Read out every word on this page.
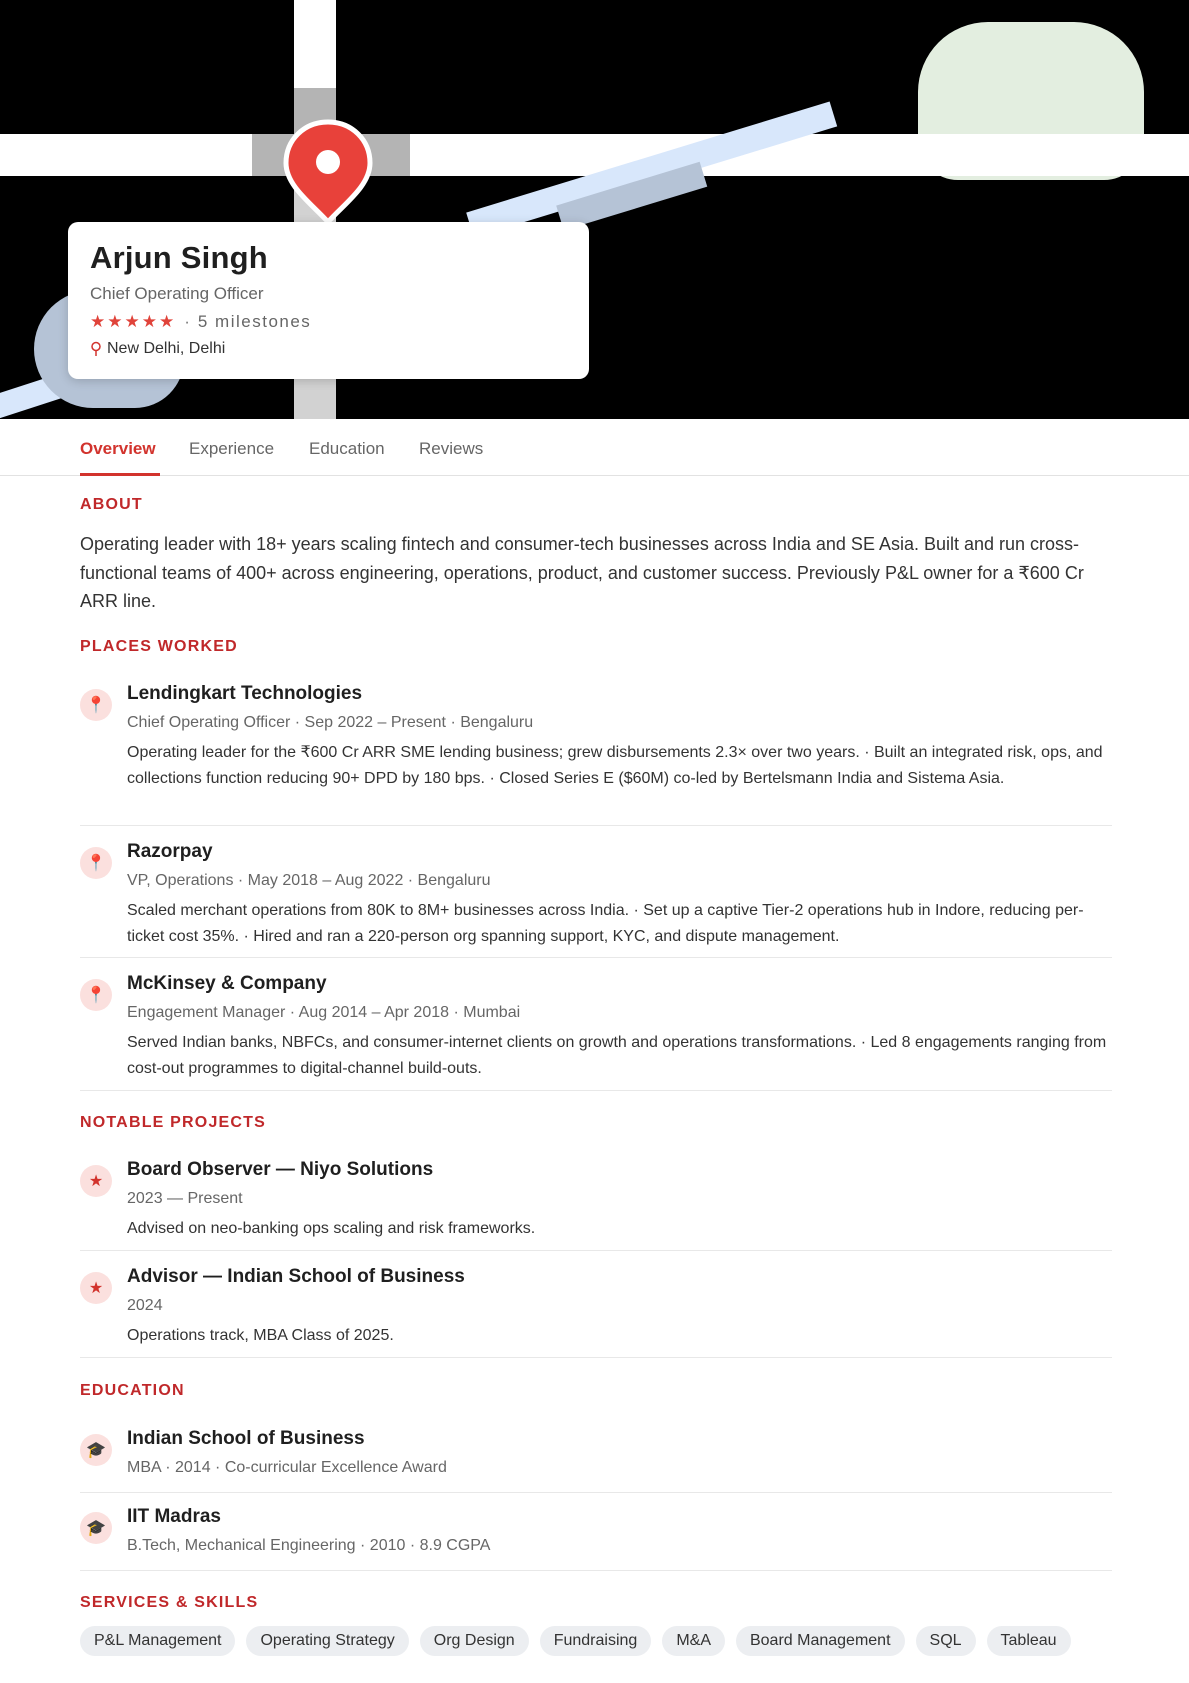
Arjun Singh
Chief Operating Officer
★★★★★ · 5 milestones
New Delhi, Delhi
Overview Experience Education Reviews
ABOUT
Operating leader with 18+ years scaling fintech and consumer-tech businesses across India and SE Asia. Built and run cross-functional teams of 400+ across engineering, operations, product, and customer success. Previously P&L owner for a ₹600 Cr ARR line.
PLACES WORKED
📍
Lendingkart Technologies
Chief Operating Officer · Sep 2022 – Present · Bengaluru
Operating leader for the ₹600 Cr ARR SME lending business; grew disbursements 2.3× over two years. · Built an integrated risk, ops, and collections function reducing 90+ DPD by 180 bps. · Closed Series E ($60M) co-led by Bertelsmann India and Sistema Asia.
📍
Razorpay
VP, Operations · May 2018 – Aug 2022 · Bengaluru
Scaled merchant operations from 80K to 8M+ businesses across India. · Set up a captive Tier-2 operations hub in Indore, reducing per-ticket cost 35%. · Hired and ran a 220-person org spanning support, KYC, and dispute management.
📍
McKinsey & Company
Engagement Manager · Aug 2014 – Apr 2018 · Mumbai
Served Indian banks, NBFCs, and consumer-internet clients on growth and operations transformations. · Led 8 engagements ranging from cost-out programmes to digital-channel build-outs.
NOTABLE PROJECTS
★
Board Observer — Niyo Solutions
2023 — Present
Advised on neo-banking ops scaling and risk frameworks.
★
Advisor — Indian School of Business
2024
Operations track, MBA Class of 2025.
EDUCATION
🎓
Indian School of Business
MBA · 2014 · Co-curricular Excellence Award
🎓
IIT Madras
B.Tech, Mechanical Engineering · 2010 · 8.9 CGPA
SERVICES & SKILLS
P&L Management	Operating Strategy	Org Design	Fundraising	M&A	Board Management	SQL	Tableau
